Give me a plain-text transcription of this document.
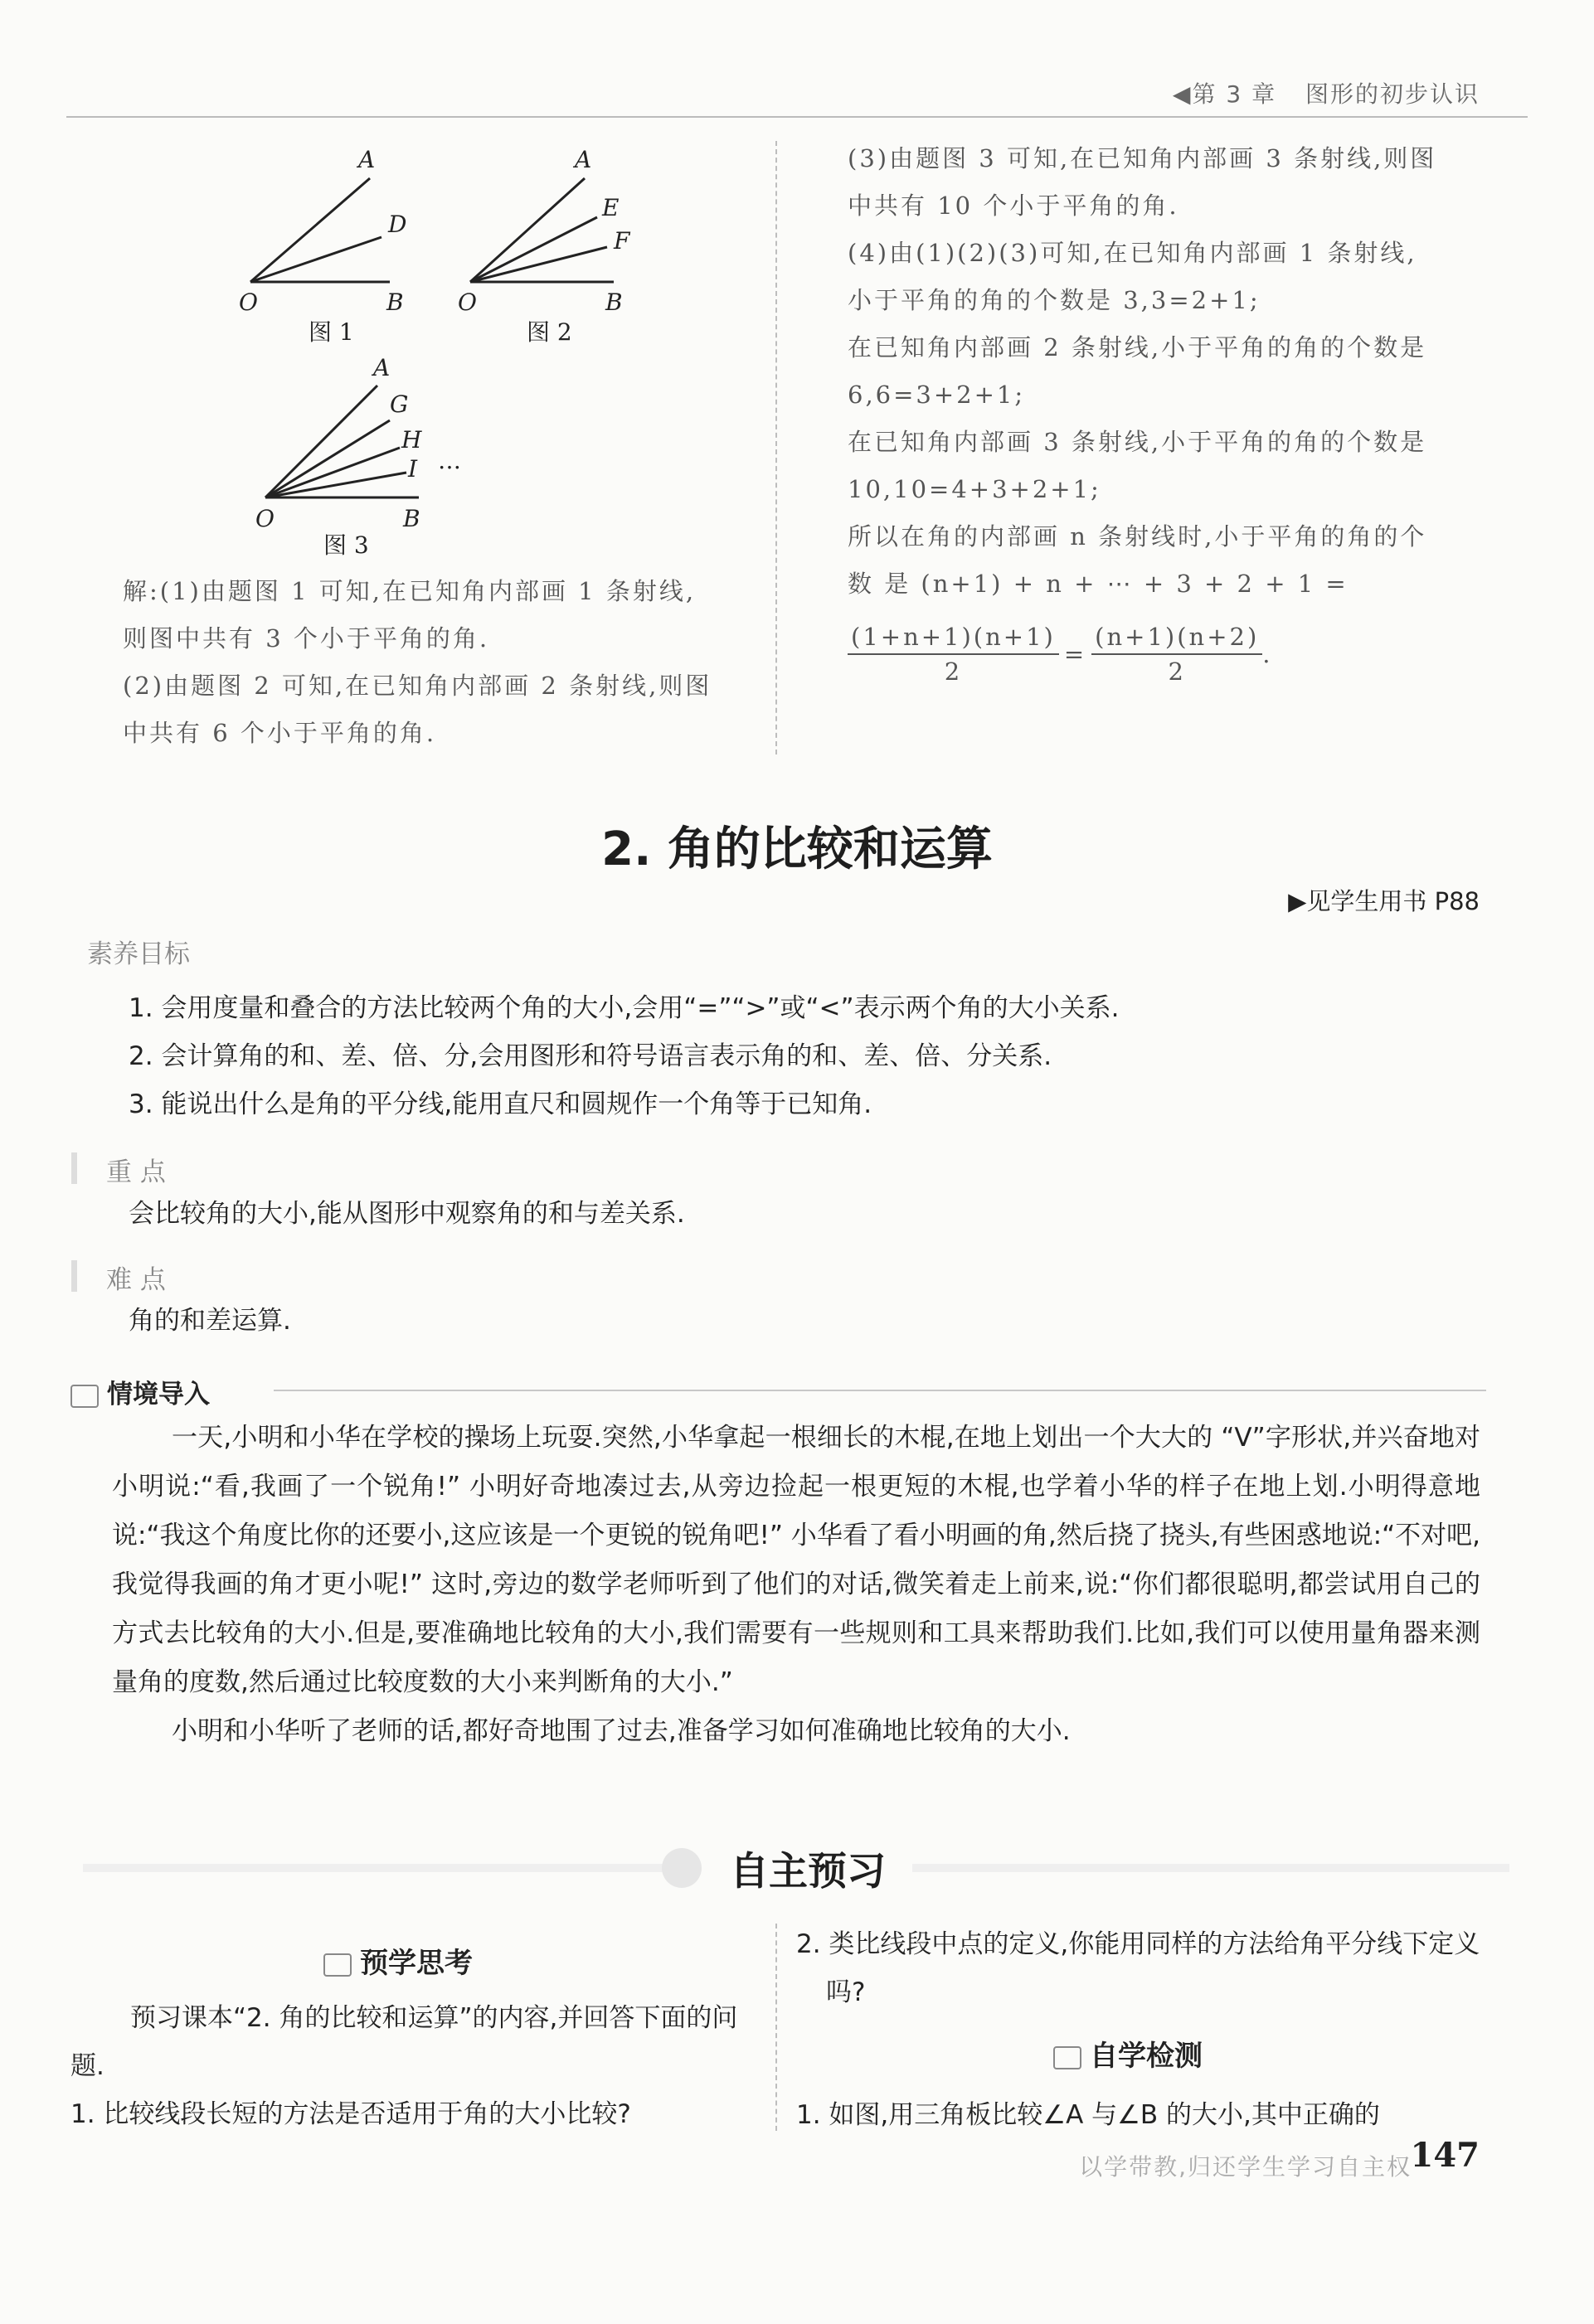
◀第 3 章 图形的初步认识
A
D
O	B
图 1
A
E
F
O	B
图 2
A
G
H
I …
O	B
图 3
解:(1)由题图 1 可知,在已知角内部画 1 条射线,
则图中共有 3 个小于平角的角.
(2)由题图 2 可知,在已知角内部画 2 条射线,则图
中共有 6 个小于平角的角.
(3)由题图 3 可知,在已知角内部画 3 条射线,则图
中共有 10 个小于平角的角.
(4)由(1)(2)(3)可知,在已知角内部画 1 条射线,
小于平角的角的个数是 3,3=2+1;
在已知角内部画 2 条射线,小于平角的角的个数是
6,6=3+2+1;
在已知角内部画 3 条射线,小于平角的角的个数是
10,10=4+3+2+1;
所以在角的内部画 n 条射线时,小于平角的角的个
数 是 (n+1) + n + ⋯ + 3 + 2 + 1 =
$\frac{(1+n+1)(n+1)}{2} = \frac{(n+1)(n+2)}{2}$ .
2. 角的比较和运算
▶见学生用书 P88
素养目标
1. 会用度量和叠合的方法比较两个角的大小,会用“=”“>”或“<”表示两个角的大小关系.
2. 会计算角的和、差、倍、分,会用图形和符号语言表示角的和、差、倍、分关系.
3. 能说出什么是角的平分线,能用直尺和圆规作一个角等于已知角.
重 点
会比较角的大小,能从图形中观察角的和与差关系.
难 点
角的和差运算.
情境导入

一天,小明和小华在学校的操场上玩耍.突然,小华拿起一根细长的木棍,在地上划出一个大大的 “V”字形状,并兴奋地对小明说:“看,我画了一个锐角!” 小明好奇地凑过去,从旁边捡起一根更短的木棍,也学着小华的样子在地上划.小明得意地说:“我这个角度比你的还要小,这应该是一个更锐的锐角吧!” 小华看了看小明画的角,然后挠了挠头,有些困惑地说:“不对吧,我觉得我画的角才更小呢!” 这时,旁边的数学老师听到了他们的对话,微笑着走上前来,说:“你们都很聪明,都尝试用自己的方式去比较角的大小.但是,要准确地比较角的大小,我们需要有一些规则和工具来帮助我们.比如,我们可以使用量角器来测量角的度数,然后通过比较度数的大小来判断角的大小.”

小明和小华听了老师的话,都好奇地围了过去,准备学习如何准确地比较角的大小.

自主预习
预学思考
预习课本“2. 角的比较和运算”的内容,并回答下面的问题.
1. 比较线段长短的方法是否适用于角的大小比较?
2. 类比线段中点的定义,你能用同样的方法给角平分线下定义吗?
自学检测
1. 如图,用三角板比较∠A 与∠B 的大小,其中正确的
以学带教,归还学生学习自主权
147
